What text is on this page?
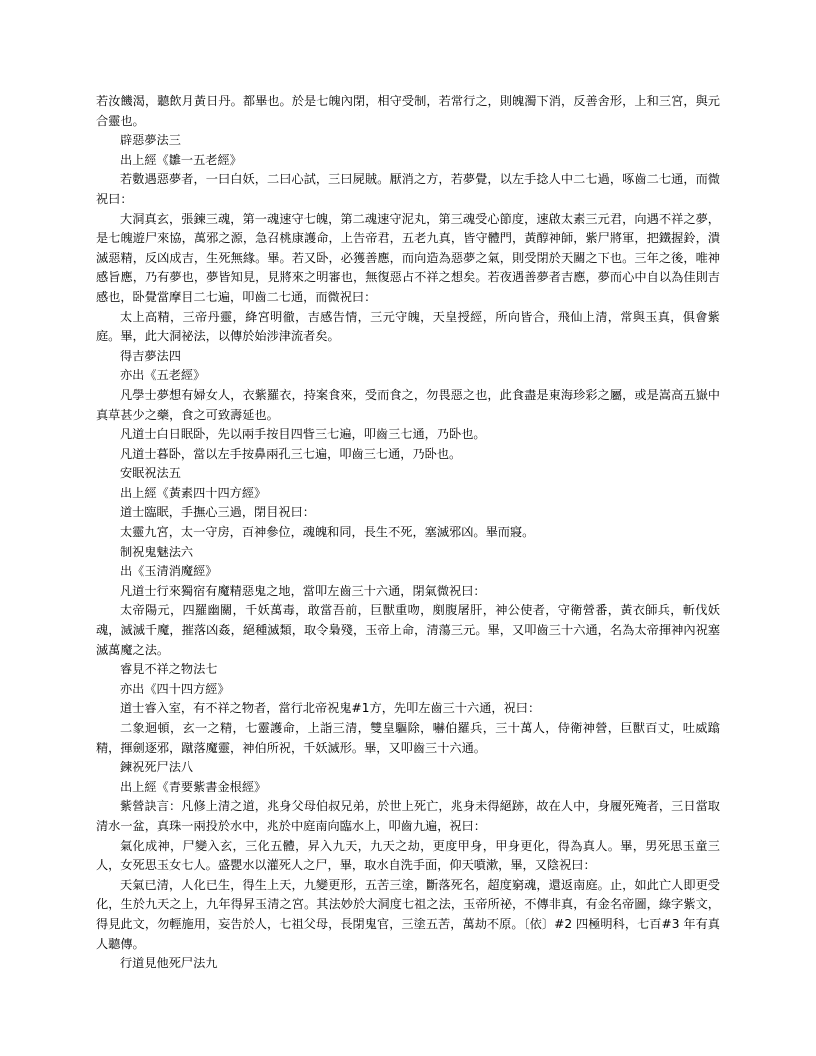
若汝饑渴，聽飲月黃日丹。都畢也。於是七魄內閉，相守受制，若常行之，則魄濁下消，反善舍形，上和三宮，與元合靈也。

辟惡夢法三

出上經《雛一五老經》

若數遇惡夢者，一曰白妖，二曰心試，三曰屍賊。厭消之方，若夢覺，以左手捻人中二七過，啄齒二七通，而微祝曰：

大洞真玄，張鍊三魂，第一魂速守七魄，第二魂速守泥丸，第三魂受心節度，速啟太素三元君，向遇不祥之夢，是七魄遊尸來協，萬邪之源，急召桃康護命，上告帝君，五老九真，皆守體門，黃醇神師，紫尸將軍，把鐵握鈴，潰滅惡精，反凶成吉，生死無緣。畢。若又卧，必獲善應，而向造為惡夢之氣，則受閉於天關之下也。三年之後，唯神感旨應，乃有夢也，夢皆知見，見將來之明審也，無復惡占不祥之想矣。若夜遇善夢者吉應，夢而心中自以為佳則吉感也，卧覺當摩目二七遍，叩齒二七通，而微祝曰：

太上高精，三帝丹靈，絳宮明徹，吉感告情，三元守魄，天皇授經，所向皆合，飛仙上清，常與玉真，俱會紫庭。畢，此大洞祕法，以傳於始涉津流者矣。

得吉夢法四

亦出《五老經》

凡學士夢想有婦女人，衣紫羅衣，持案食來，受而食之，勿畏惡之也，此食盡是東海珍彩之屬，或是嵩高五嶽中真草甚少之藥，食之可致壽延也。

凡道士白日眠卧，先以兩手按目四眥三七遍，叩齒三七通，乃卧也。

凡道士暮卧，當以左手按鼻兩孔三七遍，叩齒三七通，乃卧也。

安眠祝法五

出上經《黃素四十四方經》

道士臨眠，手撫心三過，閉目祝曰：

太靈九宮，太一守房，百神參位，魂魄和同，長生不死，塞滅邪凶。畢而寢。

制祝鬼魅法六

出《玉清消魔經》

凡道士行來獨宿有魔精惡鬼之地，當叩左齒三十六通，閉氣微祝曰：

太帝陽元，四羅幽關，千妖萬毒，敢當吾前，巨獸重吻，剫腹屠肝，神公使者，守衛營番，黃衣師兵，斬伐妖魂，滅滅千魔，摧落凶姦，絕種滅類，取令梟殘，玉帝上命，清蕩三元。畢，又叩齒三十六通，名為太帝揮神內祝塞滅萬魔之法。

睿見不祥之物法七

亦出《四十四方經》

道士睿入室，有不祥之物者，當行北帝祝鬼#1方，先叩左齒三十六通，祝曰：

二象迴頓，玄一之精，七靈護命，上詣三清，雙皇驅除，嚇伯羅兵，三十萬人，侍衛神營，巨獸百丈，吐威蹹精，揮劍逐邪，蹴落魔靈，神伯所祝，千妖滅形。畢，又叩齒三十六通。

鍊祝死尸法八

出上經《青要紫書金根經》

紫營訣言：凡修上清之道，兆身父母伯叔兄弟，於世上死亡，兆身未得絕跡，故在人中，身履死殗者，三日當取清水一盆，真珠一兩投於水中，兆於中庭南向臨水上，叩齒九遍，祝曰：

氣化成神，尸變入玄，三化五體，昇入九天，九天之劫，更度甲身，甲身更化，得為真人。畢，男死思玉童三人，女死思玉女七人。盛甖水以灌死人之尸，畢，取水自洗手面，仰天噴漱，畢，又陰祝曰：

天氣已清，人化已生，得生上天，九變更形，五苦三塗，斷落死名，超度窮魂，還返南庭。止，如此亡人即更受化，生於九天之上，九年得昇玉清之宮。其法妙於大洞度七祖之法，玉帝所祕，不傳非真，有金名帝圖，綠字紫文，得見此文，勿輕施用，妄告於人，七祖父母，長閉鬼官，三塗五苦，萬劫不原。〔依〕#2 四極明科，七百#3 年有真人聽傳。

行道見他死尸法九
